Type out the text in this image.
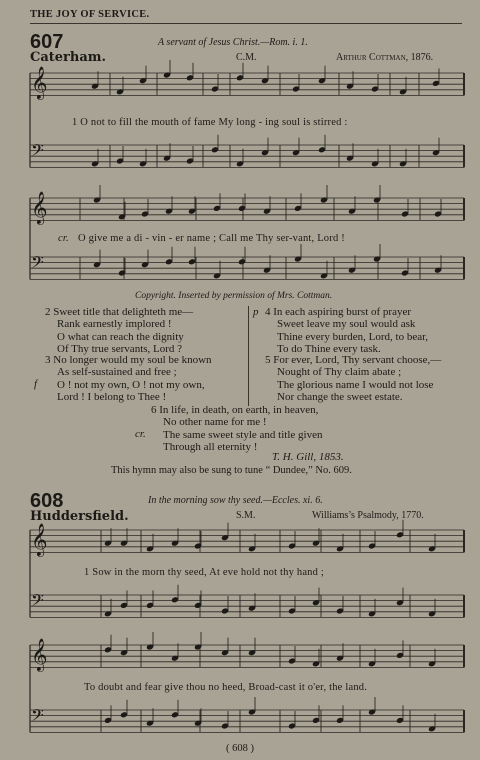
THE JOY OF SERVICE.
607	A servant of Jesus Christ.—Rom. i. 1.
Caterham.	C.M.	Arthur Cottman, 1876.
𝄞
𝄢
𝄞
𝄢
𝄞
𝄢
𝄞
𝄢
1 O not to fill the mouth of fame My long - ing soul is stirred :
cr. O give me a di - vin - er name ; Call me Thy ser-vant, Lord !
Copyright. Inserted by permission of Mrs. Cottman.
2 Sweet title that delighteth me—
Rank earnestly implored !
O what can reach the dignity
Of Thy true servants, Lord ?
3 No longer would my soul be known
As self-sustained and free ;
O ! not my own, O ! not my own,
Lord ! I belong to Thee !
f
p 4 In each aspiring burst of prayer
Sweet leave my soul would ask
Thine every burden, Lord, to bear,
To do Thine every task.
5 For ever, Lord, Thy servant choose,—
Nought of Thy claim abate ;
The glorious name I would not lose
Nor change the sweet estate.
6 In life, in death, on earth, in heaven,
No other name for me !
The same sweet style and title given
Through all eternity !
cr.
T. H. Gill, 1853.
This hymn may also be sung to tune “ Dundee,” No. 609.
608	In the morning sow thy seed.—Eccles. xi. 6.
Huddersfield.	S.M.	Williams’s Psalmody, 1770.
1 Sow in the morn thy seed, At eve hold not thy hand ;
To doubt and fear give thou no heed, Broad-cast it o'er, the land.
( 608 )
